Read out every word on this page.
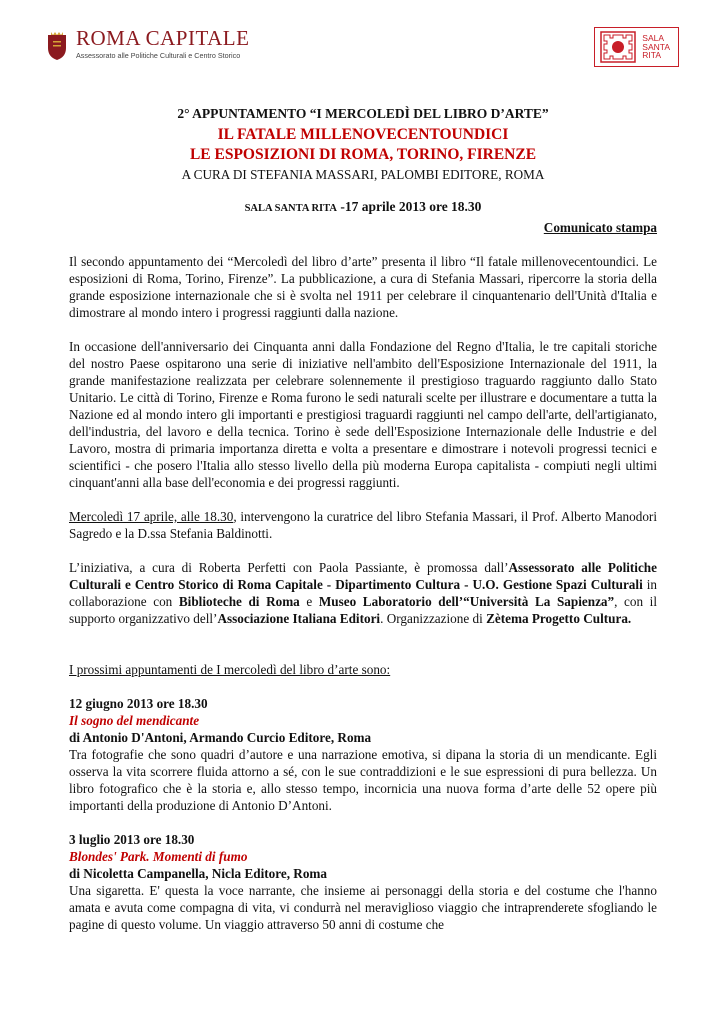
ROMA CAPITALE
Assessorato alle Politiche Culturali e Centro Storico
SALA
SANTA
RITA
2° APPUNTAMENTO “I MERCOLEDÌ DEL LIBRO D’ARTE”
IL FATALE MILLENOVECENTOUNDICI
LE ESPOSIZIONI DI ROMA, TORINO, FIRENZE
A CURA DI STEFANIA MASSARI, PALOMBI EDITORE, ROMA
SALA SANTA RITA -17 aprile 2013 ore 18.30
Comunicato stampa

Il secondo appuntamento dei “Mercoledì del libro d’arte” presenta il libro “Il fatale millenovecentoundici. Le esposizioni di Roma, Torino, Firenze”. La pubblicazione, a cura di Stefania Massari, ripercorre la storia della grande esposizione internazionale che si è svolta nel 1911 per celebrare il cinquantenario dell'Unità d'Italia e dimostrare al mondo intero i progressi raggiunti dalla nazione.

In occasione dell'anniversario dei Cinquanta anni dalla Fondazione del Regno d'Italia, le tre capitali storiche del nostro Paese ospitarono una serie di iniziative nell'ambito dell'Esposizione Internazionale del 1911, la grande manifestazione realizzata per celebrare solennemente il prestigioso traguardo raggiunto dallo Stato Unitario. Le città di Torino, Firenze e Roma furono le sedi naturali scelte per illustrare e documentare a tutta la Nazione ed al mondo intero gli importanti e prestigiosi traguardi raggiunti nel campo dell'arte, dell'artigianato, dell'industria, del lavoro e della tecnica. Torino è sede dell'Esposizione Internazionale delle Industrie e del Lavoro, mostra di primaria importanza diretta e volta a presentare e dimostrare i notevoli progressi tecnici e scientifici - che posero l'Italia allo stesso livello della più moderna Europa capitalista - compiuti negli ultimi cinquant'anni alla base dell'economia e dei progressi raggiunti.

Mercoledì 17 aprile, alle 18.30, intervengono la curatrice del libro Stefania Massari, il Prof. Alberto Manodori Sagredo e la D.ssa Stefania Baldinotti.

L’iniziativa, a cura di Roberta Perfetti con Paola Passiante, è promossa dall’Assessorato alle Politiche Culturali e Centro Storico di Roma Capitale - Dipartimento Cultura - U.O. Gestione Spazi Culturali in collaborazione con Biblioteche di Roma e Museo Laboratorio dell’“Università La Sapienza”, con il supporto organizzativo dell’Associazione Italiana Editori. Organizzazione di Zètema Progetto Cultura.

I prossimi appuntamenti de I mercoledì del libro d’arte sono:
12 giugno 2013 ore 18.30
Il sogno del mendicante
di Antonio D'Antoni, Armando Curcio Editore, Roma

Tra fotografie che sono quadri d’autore e una narrazione emotiva, si dipana la storia di un mendicante. Egli osserva la vita scorrere fluida attorno a sé, con le sue contraddizioni e le sue espressioni di pura bellezza. Un libro fotografico che è la storia e, allo stesso tempo, incornicia una nuova forma d’arte delle 52 opere più importanti della produzione di Antonio D’Antoni.

3 luglio 2013 ore 18.30
Blondes' Park. Momenti di fumo
di Nicoletta Campanella, Nicla Editore, Roma

Una sigaretta. E' questa la voce narrante, che insieme ai personaggi della storia e del costume che l'hanno amata e avuta come compagna di vita, vi condurrà nel meraviglioso viaggio che intraprenderete sfogliando le pagine di questo volume. Un viaggio attraverso 50 anni di costume che
